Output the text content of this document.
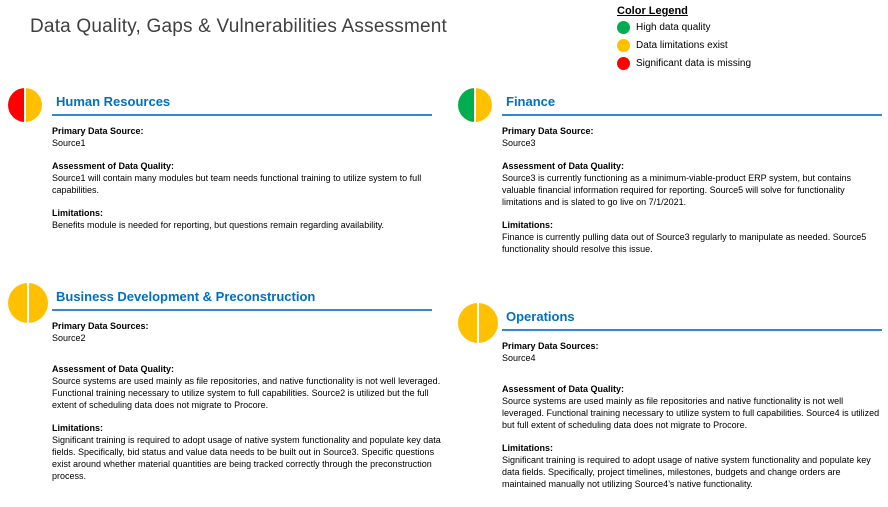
Data Quality, Gaps & Vulnerabilities Assessment
Color Legend
High data quality
Data limitations exist
Significant data is missing
Human Resources
Primary Data Source:
Source1
Assessment of Data Quality:
Source1 will contain many modules but team needs functional training to utilize system to full capabilities.
Limitations:
Benefits module is needed for reporting, but questions remain regarding availability.
Finance
Primary Data Source:
Source3
Assessment of Data Quality:
Source3 is currently functioning as a minimum-viable-product ERP system, but contains valuable financial information required for reporting. Source5 will solve for functionality limitations and is slated to go live on 7/1/2021.
Limitations:
Finance is currently pulling data out of Source3 regularly to manipulate as needed. Source5 functionality should resolve this issue.
Business Development & Preconstruction
Primary Data Sources:
Source2
Assessment of Data Quality:
Source systems are used mainly as file repositories, and native functionality is not well leveraged. Functional training necessary to utilize system to full capabilities. Source2 is utilized but the full extent of scheduling data does not migrate to Procore.
Limitations:
Significant training is required to adopt usage of native system functionality and populate key data fields. Specifically, bid status and value data needs to be built out in Source3. Specific questions exist around whether material quantities are being tracked correctly through the preconstruction process.
Operations
Primary Data Sources:
Source4
Assessment of Data Quality:
Source systems are used mainly as file repositories and native functionality is not well leveraged. Functional training necessary to utilize system to full capabilities. Source4 is utilized but full extent of scheduling data does not migrate to Procore.
Limitations:
Significant training is required to adopt usage of native system functionality and populate key data fields. Specifically, project timelines, milestones, budgets and change orders are maintained manually not utilizing Source4’s native functionality.
